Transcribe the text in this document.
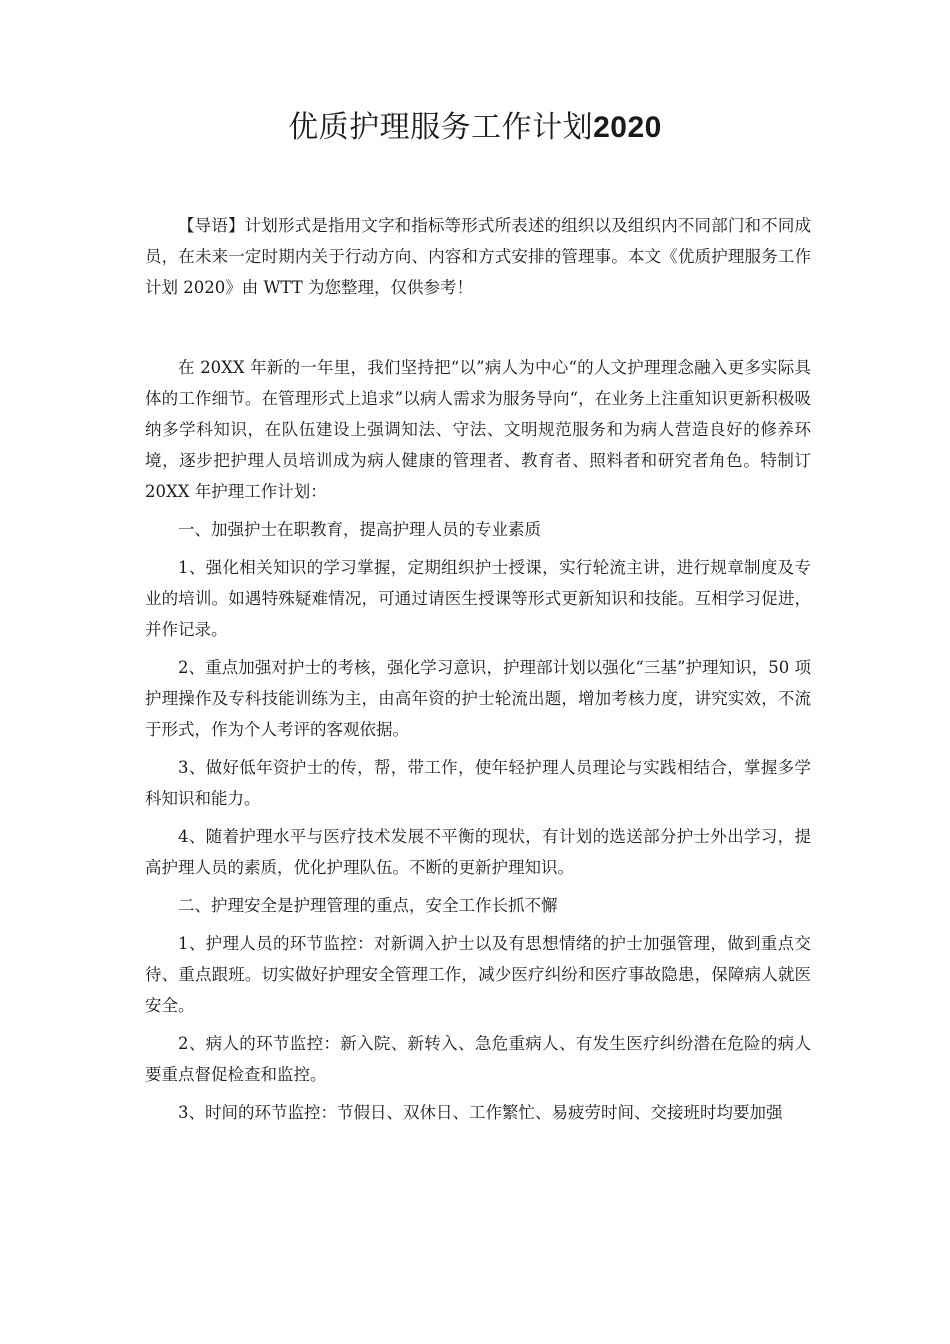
优质护理服务工作计划2020

【导语】计划形式是指用文字和指标等形式所表述的组织以及组织内不同部门和不同成员，在未来一定时期内关于行动方向、内容和方式安排的管理事。本文《优质护理服务工作计划 2020》由 WTT 为您整理，仅供参考！

在 20XX 年新的一年里，我们坚持把“以”病人为中心“的人文护理理念融入更多实际具体的工作细节。在管理形式上追求”以病人需求为服务导向“，在业务上注重知识更新积极吸纳多学科知识，在队伍建设上强调知法、守法、文明规范服务和为病人营造良好的修养环境，逐步把护理人员培训成为病人健康的管理者、教育者、照料者和研究者角色。特制订 20XX 年护理工作计划：

一、加强护士在职教育，提高护理人员的专业素质

1、强化相关知识的学习掌握，定期组织护士授课，实行轮流主讲，进行规章制度及专业的培训。如遇特殊疑难情况，可通过请医生授课等形式更新知识和技能。互相学习促进，并作记录。

2、重点加强对护士的考核，强化学习意识，护理部计划以强化“三基”护理知识，50 项护理操作及专科技能训练为主，由高年资的护士轮流出题，增加考核力度，讲究实效，不流于形式，作为个人考评的客观依据。

3、做好低年资护士的传，帮，带工作，使年轻护理人员理论与实践相结合，掌握多学科知识和能力。

4、随着护理水平与医疗技术发展不平衡的现状，有计划的选送部分护士外出学习，提高护理人员的素质，优化护理队伍。不断的更新护理知识。

二、护理安全是护理管理的重点，安全工作长抓不懈

1、护理人员的环节监控：对新调入护士以及有思想情绪的护士加强管理，做到重点交待、重点跟班。切实做好护理安全管理工作，减少医疗纠纷和医疗事故隐患，保障病人就医安全。

2、病人的环节监控：新入院、新转入、急危重病人、有发生医疗纠纷潜在危险的病人要重点督促检查和监控。

3、时间的环节监控：节假日、双休日、工作繁忙、易疲劳时间、交接班时均要加强
